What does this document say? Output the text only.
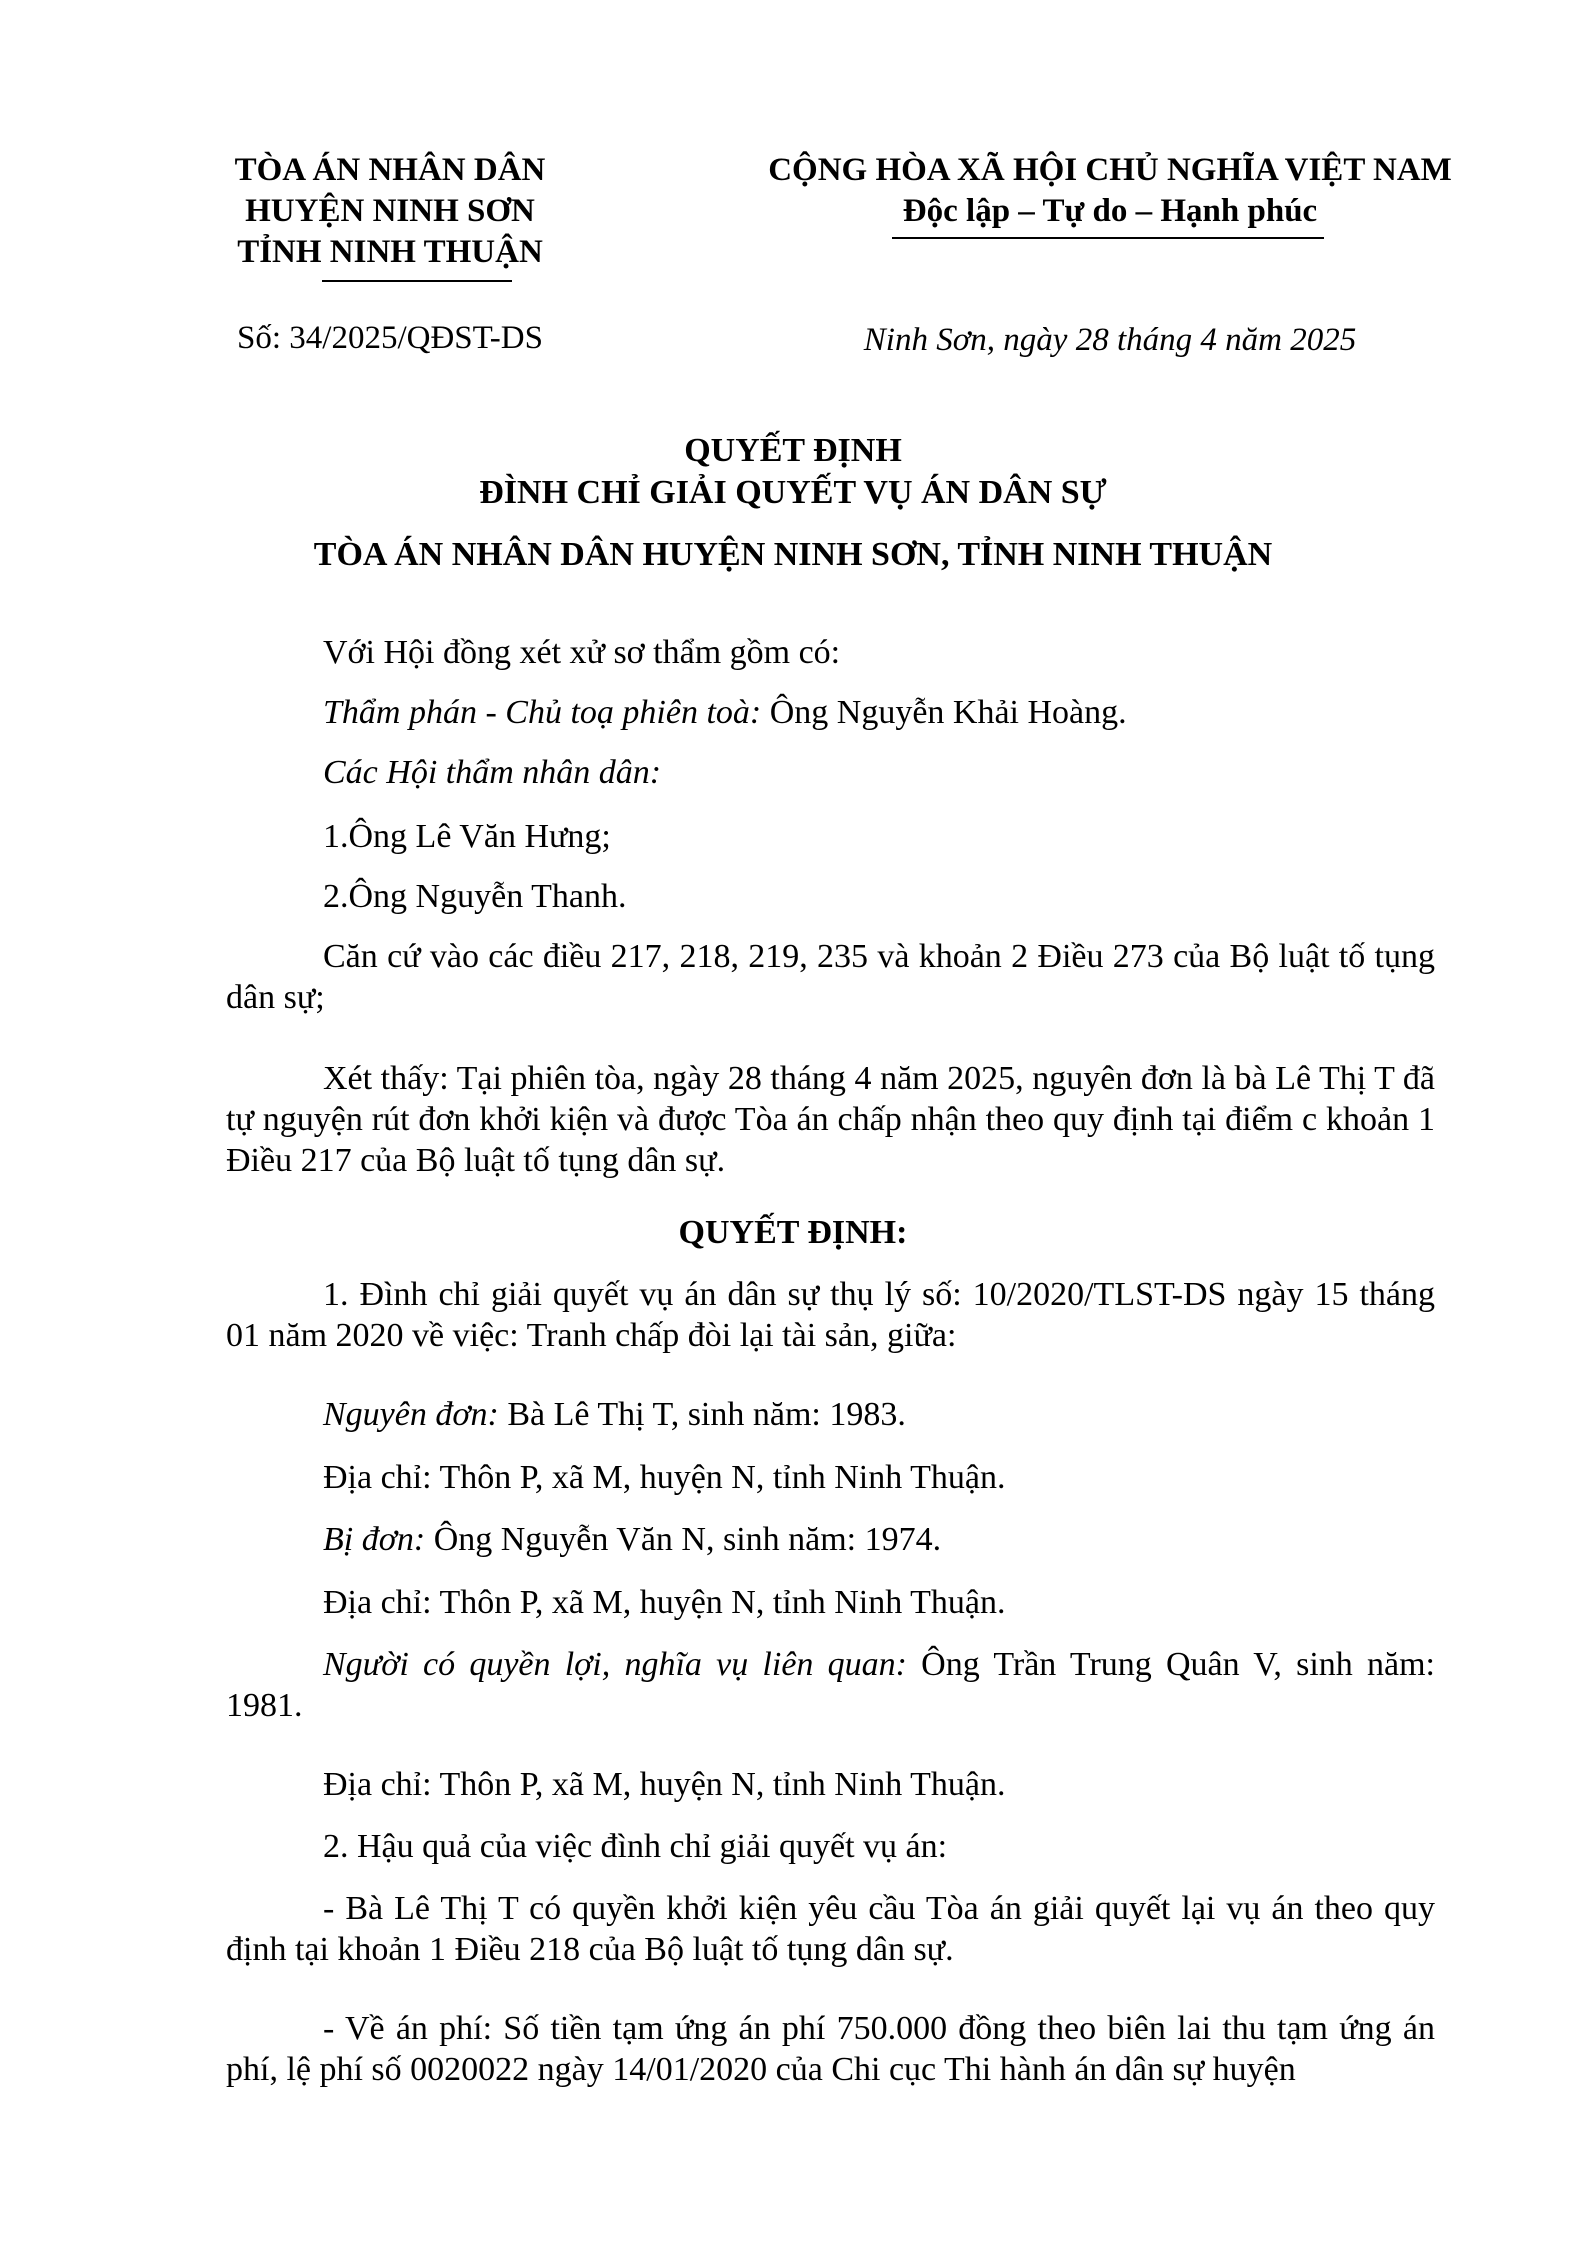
TÒA ÁN NHÂN DÂN
HUYỆN NINH SƠN
TỈNH NINH THUẬN
Số: 34/2025/QĐST-DS
CỘNG HÒA XÃ HỘI CHỦ NGHĨA VIỆT NAM
Độc lập – Tự do – Hạnh phúc
Ninh Sơn, ngày 28 tháng 4 năm 2025
QUYẾT ĐỊNH
ĐÌNH CHỈ GIẢI QUYẾT VỤ ÁN DÂN SỰ
TÒA ÁN NHÂN DÂN HUYỆN NINH SƠN, TỈNH NINH THUẬN
Với Hội đồng xét xử sơ thẩm gồm có:
Thẩm phán - Chủ toạ phiên toà: Ông Nguyễn Khải Hoàng.
Các Hội thẩm nhân dân:
1.Ông Lê Văn Hưng;
2.Ông Nguyễn Thanh.
Căn cứ vào các điều 217, 218, 219, 235 và khoản 2 Điều 273 của Bộ luật tố tụng dân sự;
Xét thấy: Tại phiên tòa, ngày 28 tháng 4 năm 2025, nguyên đơn là bà Lê Thị T đã tự nguyện rút đơn khởi kiện và được Tòa án chấp nhận theo quy định tại điểm c khoản 1 Điều 217 của Bộ luật tố tụng dân sự.
QUYẾT ĐỊNH:
1. Đình chỉ giải quyết vụ án dân sự thụ lý số: 10/2020/TLST-DS ngày 15 tháng 01 năm 2020 về việc: Tranh chấp đòi lại tài sản, giữa:
Nguyên đơn: Bà Lê Thị T, sinh năm: 1983.
Địa chỉ: Thôn P, xã M, huyện N, tỉnh Ninh Thuận.
Bị đơn: Ông Nguyễn Văn N, sinh năm: 1974.
Địa chỉ: Thôn P, xã M, huyện N, tỉnh Ninh Thuận.
Người có quyền lợi, nghĩa vụ liên quan: Ông Trần Trung Quân V, sinh năm: 1981.
Địa chỉ: Thôn P, xã M, huyện N, tỉnh Ninh Thuận.
2. Hậu quả của việc đình chỉ giải quyết vụ án:
- Bà Lê Thị T có quyền khởi kiện yêu cầu Tòa án giải quyết lại vụ án theo quy định tại khoản 1 Điều 218 của Bộ luật tố tụng dân sự.
- Về án phí: Số tiền tạm ứng án phí 750.000 đồng theo biên lai thu tạm ứng án phí, lệ phí số 0020022 ngày 14/01/2020 của Chi cục Thi hành án dân sự huyện
